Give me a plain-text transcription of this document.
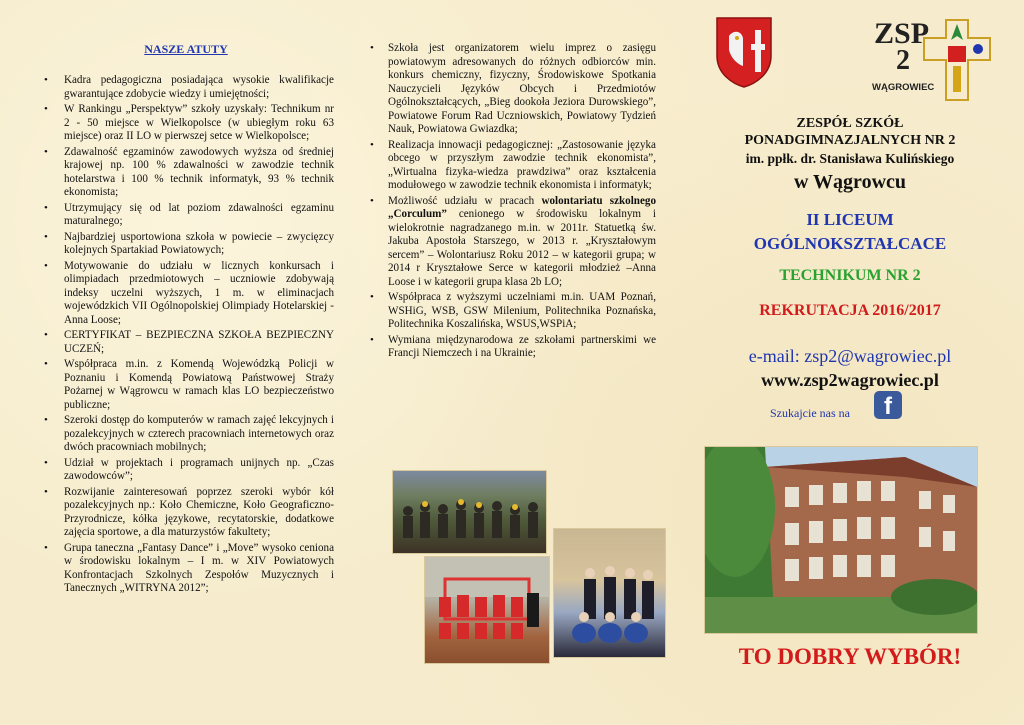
NASZE ATUTY
• Kadra pedagogiczna posiadająca wysokie kwalifikacje gwarantujące zdobycie wiedzy i umiejętności;
• W Rankingu „Perspektyw” szkoły uzyskały: Technikum nr 2 - 50 miejsce w Wielkopolsce (w ubiegłym roku 63 miejsce) oraz II LO w pierwszej setce w Wielkopolsce;
• Zdawalność egzaminów zawodowych wyższa od średniej krajowej np. 100 % zdawalności w zawodzie technik hotelarstwa i 100 % technik informatyk, 93 % technik ekonomista;
• Utrzymujący się od lat poziom zdawalności egzaminu maturalnego;
• Najbardziej usportowiona szkoła w powiecie – zwycięzcy kolejnych Spartakiad Powiatowych;
• Motywowanie do udziału w licznych konkursach i olimpiadach przedmiotowych – uczniowie zdobywają indeksy uczelni wyższych, 1 m. w eliminacjach wojewódzkich VII Ogólnopolskiej Olimpiady Hotelarskiej - Anna Loose;
• CERTYFIKAT – BEZPIECZNA SZKOŁA BEZPIECZNY UCZEŃ;
• Współpraca m.in. z Komendą Wojewódzką Policji w Poznaniu i Komendą Powiatową Państwowej Straży Pożarnej w Wągrowcu w ramach klas LO bezpieczeństwo publiczne;
• Szeroki dostęp do komputerów w ramach zajęć lekcyjnych i pozalekcyjnych w czterech pracowniach internetowych oraz dwóch pracowniach mobilnych;
• Udział w projektach i programach unijnych np. „Czas zawodowców”;
• Rozwijanie zainteresowań poprzez szeroki wybór kół pozalekcyjnych np.: Koło Chemiczne, Koło Geograficzno-Przyrodnicze, kółka językowe, recytatorskie, dodatkowe zajęcia sportowe, a dla maturzystów fakultety;
• Grupa taneczna „Fantasy Dance” i „Move” wysoko ceniona w środowisku lokalnym – I m. w XIV Powiatowych Konfrontacjach Szkolnych Zespołów Muzycznych i Tanecznych „WITRYNA 2012”;
• Szkoła jest organizatorem wielu imprez o zasięgu powiatowym adresowanych do różnych odbiorców min. konkurs chemiczny, fizyczny, Środowiskowe Spotkania Nauczycieli Języków Obcych i Przedmiotów Ogólnokształcących, „Bieg dookoła Jeziora Durowskiego”, Powiatowe Forum Rad Uczniowskich, Powiatowy Tydzień Nauk, Powiatowa Gwiazdka;
• Realizacja innowacji pedagogicznej: „Zastosowanie języka obcego w przyszłym zawodzie technik ekonomista”, „Wirtualna fizyka-wiedza prawdziwa” oraz kształcenia modułowego w zawodzie technik ekonomista i informatyk;
• Możliwość udziału w pracach wolontariatu szkolnego „Corculum” cenionego w środowisku lokalnym i wielokrotnie nagradzanego m.in. w 2011r. Statuetką św. Jakuba Apostoła Starszego, w 2013 r. „Kryształowym sercem” – Wolontariusz Roku 2012 – w kategorii grupa; w 2014 r Kryształowe Serce w kategorii młodzież –Anna Loose i w kategorii grupa klasa 2b LO;
• Współpraca z wyższymi uczelniami m.in. UAM Poznań, WSHiG, WSB, GSW Milenium, Politechnika Poznańska, Politechnika Koszalińska, WSUS,WSPiA;
• Wymiana międzynarodowa ze szkołami partnerskimi we Francji Niemczech i na Ukrainie;
ZSP
2
WĄGROWIEC
ZESPÓŁ SZKÓŁ
PONADGIMNAZJALNYCH NR 2
im. ppłk. dr. Stanisława Kulińskiego
w Wągrowcu
II LICEUM
OGÓLNOKSZTAŁCACE
TECHNIKUM NR 2
REKRUTACJA 2016/2017
e-mail: zsp2@wagrowiec.pl
www.zsp2wagrowiec.pl
Szukajcie nas na	f
TO DOBRY WYBÓR!
